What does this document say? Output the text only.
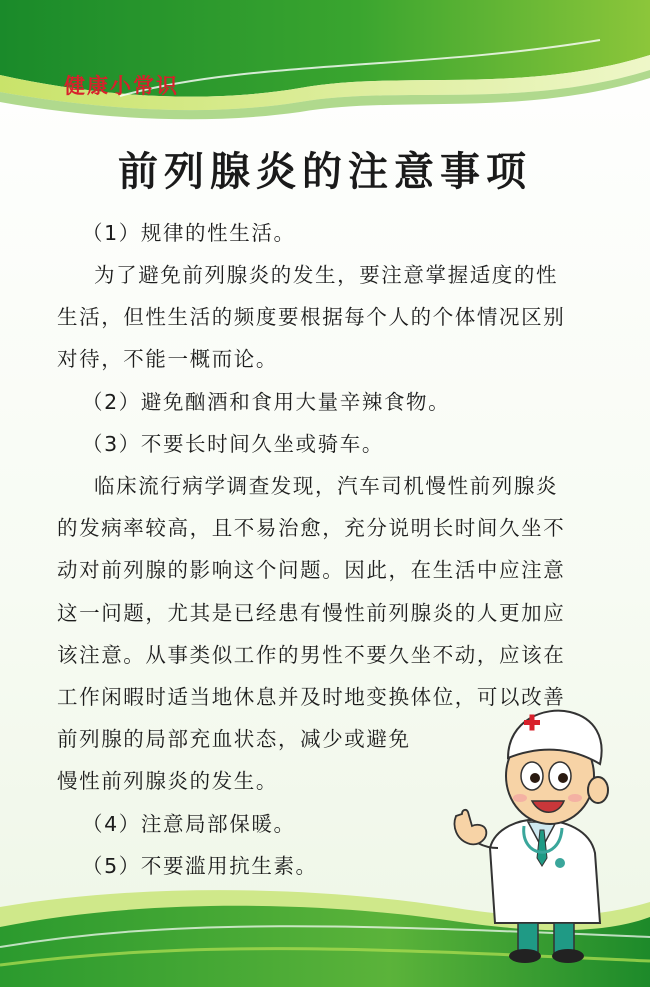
健康小常识
前列腺炎的注意事项
（1）规律的性生活。
为了避免前列腺炎的发生，要注意掌握适度的性
生活，但性生活的频度要根据每个人的个体情况区别
对待，不能一概而论。
（2）避免酗酒和食用大量辛辣食物。
（3）不要长时间久坐或骑车。
临床流行病学调查发现，汽车司机慢性前列腺炎
的发病率较高，且不易治愈，充分说明长时间久坐不
动对前列腺的影响这个问题。因此，在生活中应注意
这一问题，尤其是已经患有慢性前列腺炎的人更加应
该注意。从事类似工作的男性不要久坐不动，应该在
工作闲暇时适当地休息并及时地变换体位，可以改善
前列腺的局部充血状态，减少或避免
慢性前列腺炎的发生。
（4）注意局部保暖。
（5）不要滥用抗生素。
